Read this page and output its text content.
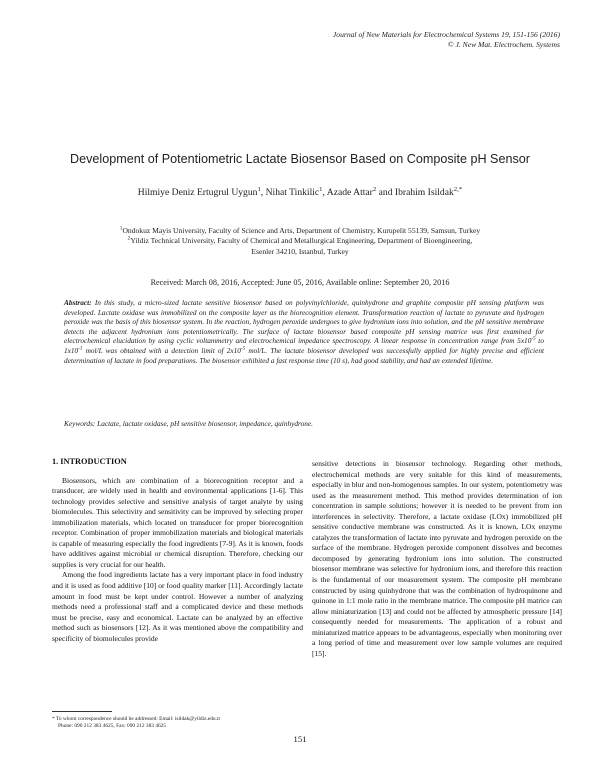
Journal of New Materials for Electrochemical Systems 19, 151-156 (2016)
© J. New Mat. Electrochem. Systems
Development of Potentiometric Lactate Biosensor Based on Composite pH Sensor
Hilmiye Deniz Ertugrul Uygun$^1$, Nihat Tinkilic$^1$, Azade Attar$^2$ and Ibrahim Isildak$^{2,*}$
$^1$Ondokuz Mayis University, Faculty of Science and Arts, Department of Chemistry, Kurupelit 55139, Samsun, Turkey
$^2$Yildiz Technical University, Faculty of Chemical and Metallurgical Engineering, Department of Bioengineering,
Esenler 34210, Istanbul, Turkey
Received: March 08, 2016, Accepted: June 05, 2016, Available online: September 20, 2016
Abstract: In this study, a micro-sized lactate sensitive biosensor based on polyvinylchloride, quinhydrone and graphite composite pH sensing platform was developed. Lactate oxidase was immobilized on the composite layer as the biorecognition element. Transformation reaction of lactate to pyruvate and hydrogen peroxide was the basis of this biosensor system. In the reaction, hydrogen peroxide undergoes to give hydronium ions into solution, and the pH sensitive membrane detects the adjacent hydronium ions potentiometrically. The surface of lactate biosensor based composite pH sensing matrice was first examined for electrochemical elucidation by using cyclic voltammetry and electrochemical impedance spectroscopy. A linear response in concentration range from $5x10^{-5}$ to $1x10^{-1}$ mol/L was obtained with a detection limit of $2x10^{-5}$ mol/L. The lactate biosensor developed was successfully applied for highly precise and efficient determination of lactate in food preparations. The biosensor exhibited a fast response time (10 s), had good stability, and had an extended lifetime.
Keywords: Lactate, lactate oxidase, pH sensitive biosensor, impedance, quinhydrone.
1. INTRODUCTION

Biosensors, which are combination of a biorecognition receptor and a transducer, are widely used in health and environmental applications [1-6]. This technology provides selective and sensitive analysis of target analyte by using biomolecules. This selectivity and sensitivity can be improved by selecting proper immobilization materials, which located on transducer for proper biorecognition receptor. Combination of proper immobilization materials and biological materials is capable of measuring especially the food ingredients [7-9]. As it is known, foods have additives against microbial or chemical disruption. Therefore, checking our supplies is very crucial for our health.

Among the food ingredients lactate has a very important place in food industry and it is used as food additive [10] or food quality marker [11]. Accordingly lactate amount in food must be kept under control. However a number of analyzing methods need a professional staff and a complicated device and these methods must be precise, easy and economical. Lactate can be analyzed by an effective method such as biosensors [12]. As it was mentioned above the compatibility and specificity of biomolecules provide

sensitive detections in biosensor technology. Regarding other methods, electrochemical methods are very suitable for this kind of measurements, especially in blur and non-homogenous samples. In our system, potentiometry was used as the measurement method. This method provides determination of ion concentration in sample solutions; however it is needed to be prevent from ion interferences in selectivity. Therefore, a lactate oxidase (LOx) immobilized pH sensitive conductive membrane was constructed. As it is known, LOx enzyme catalyzes the transformation of lactate into pyruvate and hydrogen peroxide on the surface of the membrane. Hydrogen peroxide component dissolves and becomes decomposed by generating hydronium ions into solution. The constructed biosensor membrane was selective for hydronium ions, and therefore this reaction is the fundamental of our measurement system. The composite pH membrane constructed by using quinhydrone that was the combination of hydroquinone and quinone in 1:1 mole ratio in the membrane matrice. The composite pH matrice can allow miniaturization [13] and could not be affected by atmospheric pressure [14] consequently needed for measurements. The application of a robust and miniaturized matrice appears to be advantageous, especially when monitoring over a long period of time and measurement over low sample volumes are required [15].

* To whom correspondence should be addressed: Email: isildak@yildiz.edu.tr
Phone: 090 212 383 4625, Fax: 090 212 383 4625
151
